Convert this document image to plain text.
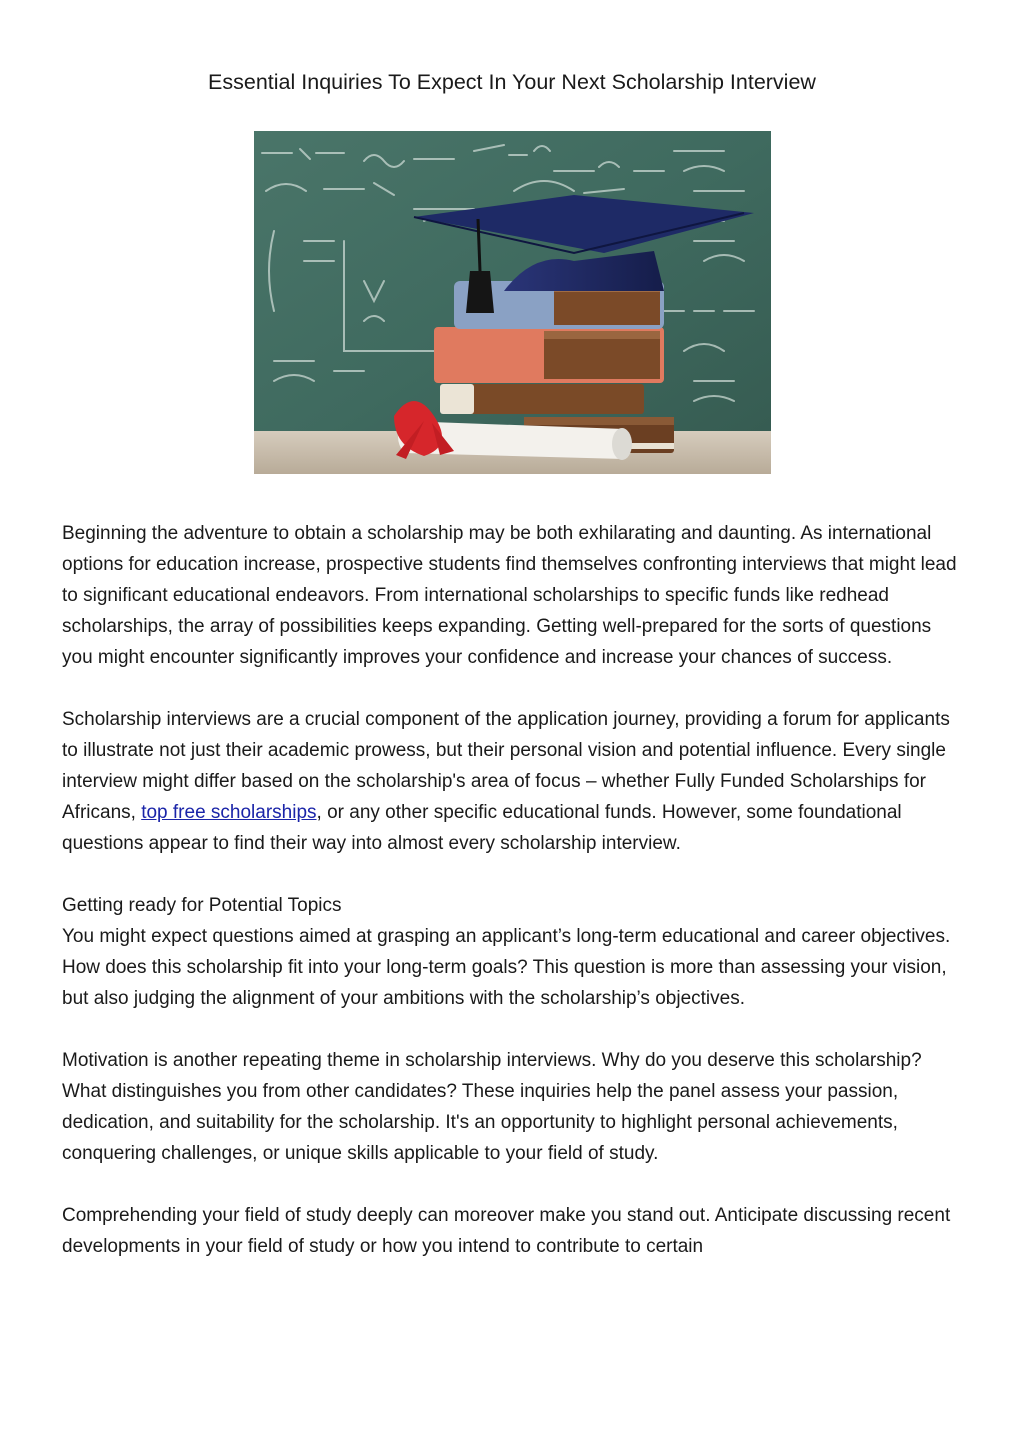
Essential Inquiries To Expect In Your Next Scholarship Interview

Beginning the adventure to obtain a scholarship may be both exhilarating and daunting. As international options for education increase, prospective students find themselves confronting interviews that might lead to significant educational endeavors. From international scholarships to specific funds like redhead scholarships, the array of possibilities keeps expanding. Getting well-prepared for the sorts of questions you might encounter significantly improves your confidence and increase your chances of success.

Scholarship interviews are a crucial component of the application journey, providing a forum for applicants to illustrate not just their academic prowess, but their personal vision and potential influence. Every single interview might differ based on the scholarship's area of focus – whether Fully Funded Scholarships for Africans, top free scholarships, or any other specific educational funds. However, some foundational questions appear to find their way into almost every scholarship interview.

Getting ready for Potential Topics

You might expect questions aimed at grasping an applicant’s long-term educational and career objectives. How does this scholarship fit into your long-term goals? This question is more than assessing your vision, but also judging the alignment of your ambitions with the scholarship’s objectives.

Motivation is another repeating theme in scholarship interviews. Why do you deserve this scholarship? What distinguishes you from other candidates? These inquiries help the panel assess your passion, dedication, and suitability for the scholarship. It's an opportunity to highlight personal achievements, conquering challenges, or unique skills applicable to your field of study.

Comprehending your field of study deeply can moreover make you stand out. Anticipate discussing recent developments in your field of study or how you intend to contribute to certain
